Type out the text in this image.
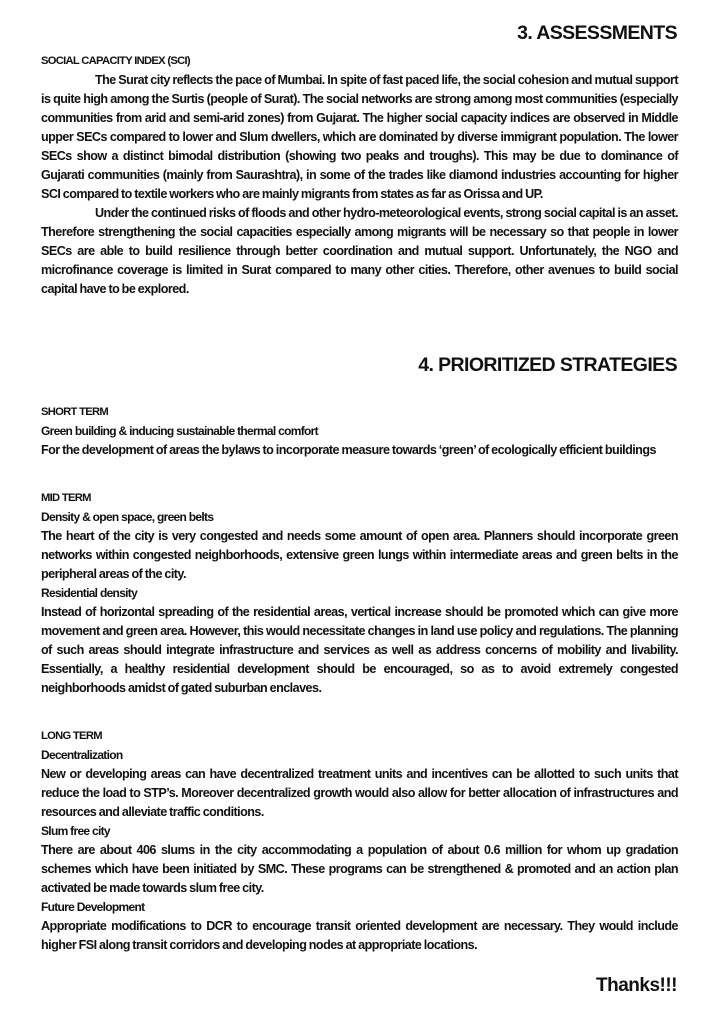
3. ASSESSMENTS

SOCIAL CAPACITY INDEX (SCI)

The Surat city reflects the pace of Mumbai. In spite of fast paced life, the social cohesion and mutual support is quite high among the Surtis (people of Surat). The social networks are strong among most communities (especially communities from arid and semi-arid zones) from Gujarat. The higher social capacity indices are observed in Middle upper SECs compared to lower and Slum dwellers, which are dominated by diverse immigrant population. The lower SECs show a distinct bimodal distribution (showing two peaks and troughs). This may be due to dominance of Gujarati communities (mainly from Saurashtra), in some of the trades like diamond industries accounting for higher SCI compared to textile workers who are mainly migrants from states as far as Orissa and UP.

Under the continued risks of floods and other hydro-meteorological events, strong social capital is an asset. Therefore strengthening the social capacities especially among migrants will be necessary so that people in lower SECs are able to build resilience through better coordination and mutual support. Unfortunately, the NGO and microfinance coverage is limited in Surat compared to many other cities. Therefore, other avenues to build social capital have to be explored.

4. PRIORITIZED STRATEGIES

SHORT TERM

Green building & inducing sustainable thermal comfort

For the development of areas the bylaws to incorporate measure towards ‘green’ of ecologically efficient buildings

MID TERM

Density & open space, green belts

The heart of the city is very congested and needs some amount of open area. Planners should incorporate green networks within congested neighborhoods, extensive green lungs within intermediate areas and green belts in the peripheral areas of the city.

Residential density

Instead of horizontal spreading of the residential areas, vertical increase should be promoted which can give more movement and green area. However, this would necessitate changes in land use policy and regulations. The planning of such areas should integrate infrastructure and services as well as address concerns of mobility and livability. Essentially, a healthy residential development should be encouraged, so as to avoid extremely congested neighborhoods amidst of gated suburban enclaves.

LONG TERM

Decentralization

New or developing areas can have decentralized treatment units and incentives can be allotted to such units that reduce the load to STP’s. Moreover decentralized growth would also allow for better allocation of infrastructures and resources and alleviate traffic conditions.

Slum free city

There are about 406 slums in the city accommodating a population of about 0.6 million for whom up gradation schemes which have been initiated by SMC. These programs can be strengthened & promoted and an action plan activated be made towards slum free city.

Future Development

Appropriate modifications to DCR to encourage transit oriented development are necessary. They would include higher FSI along transit corridors and developing nodes at appropriate locations.

Thanks!!!
